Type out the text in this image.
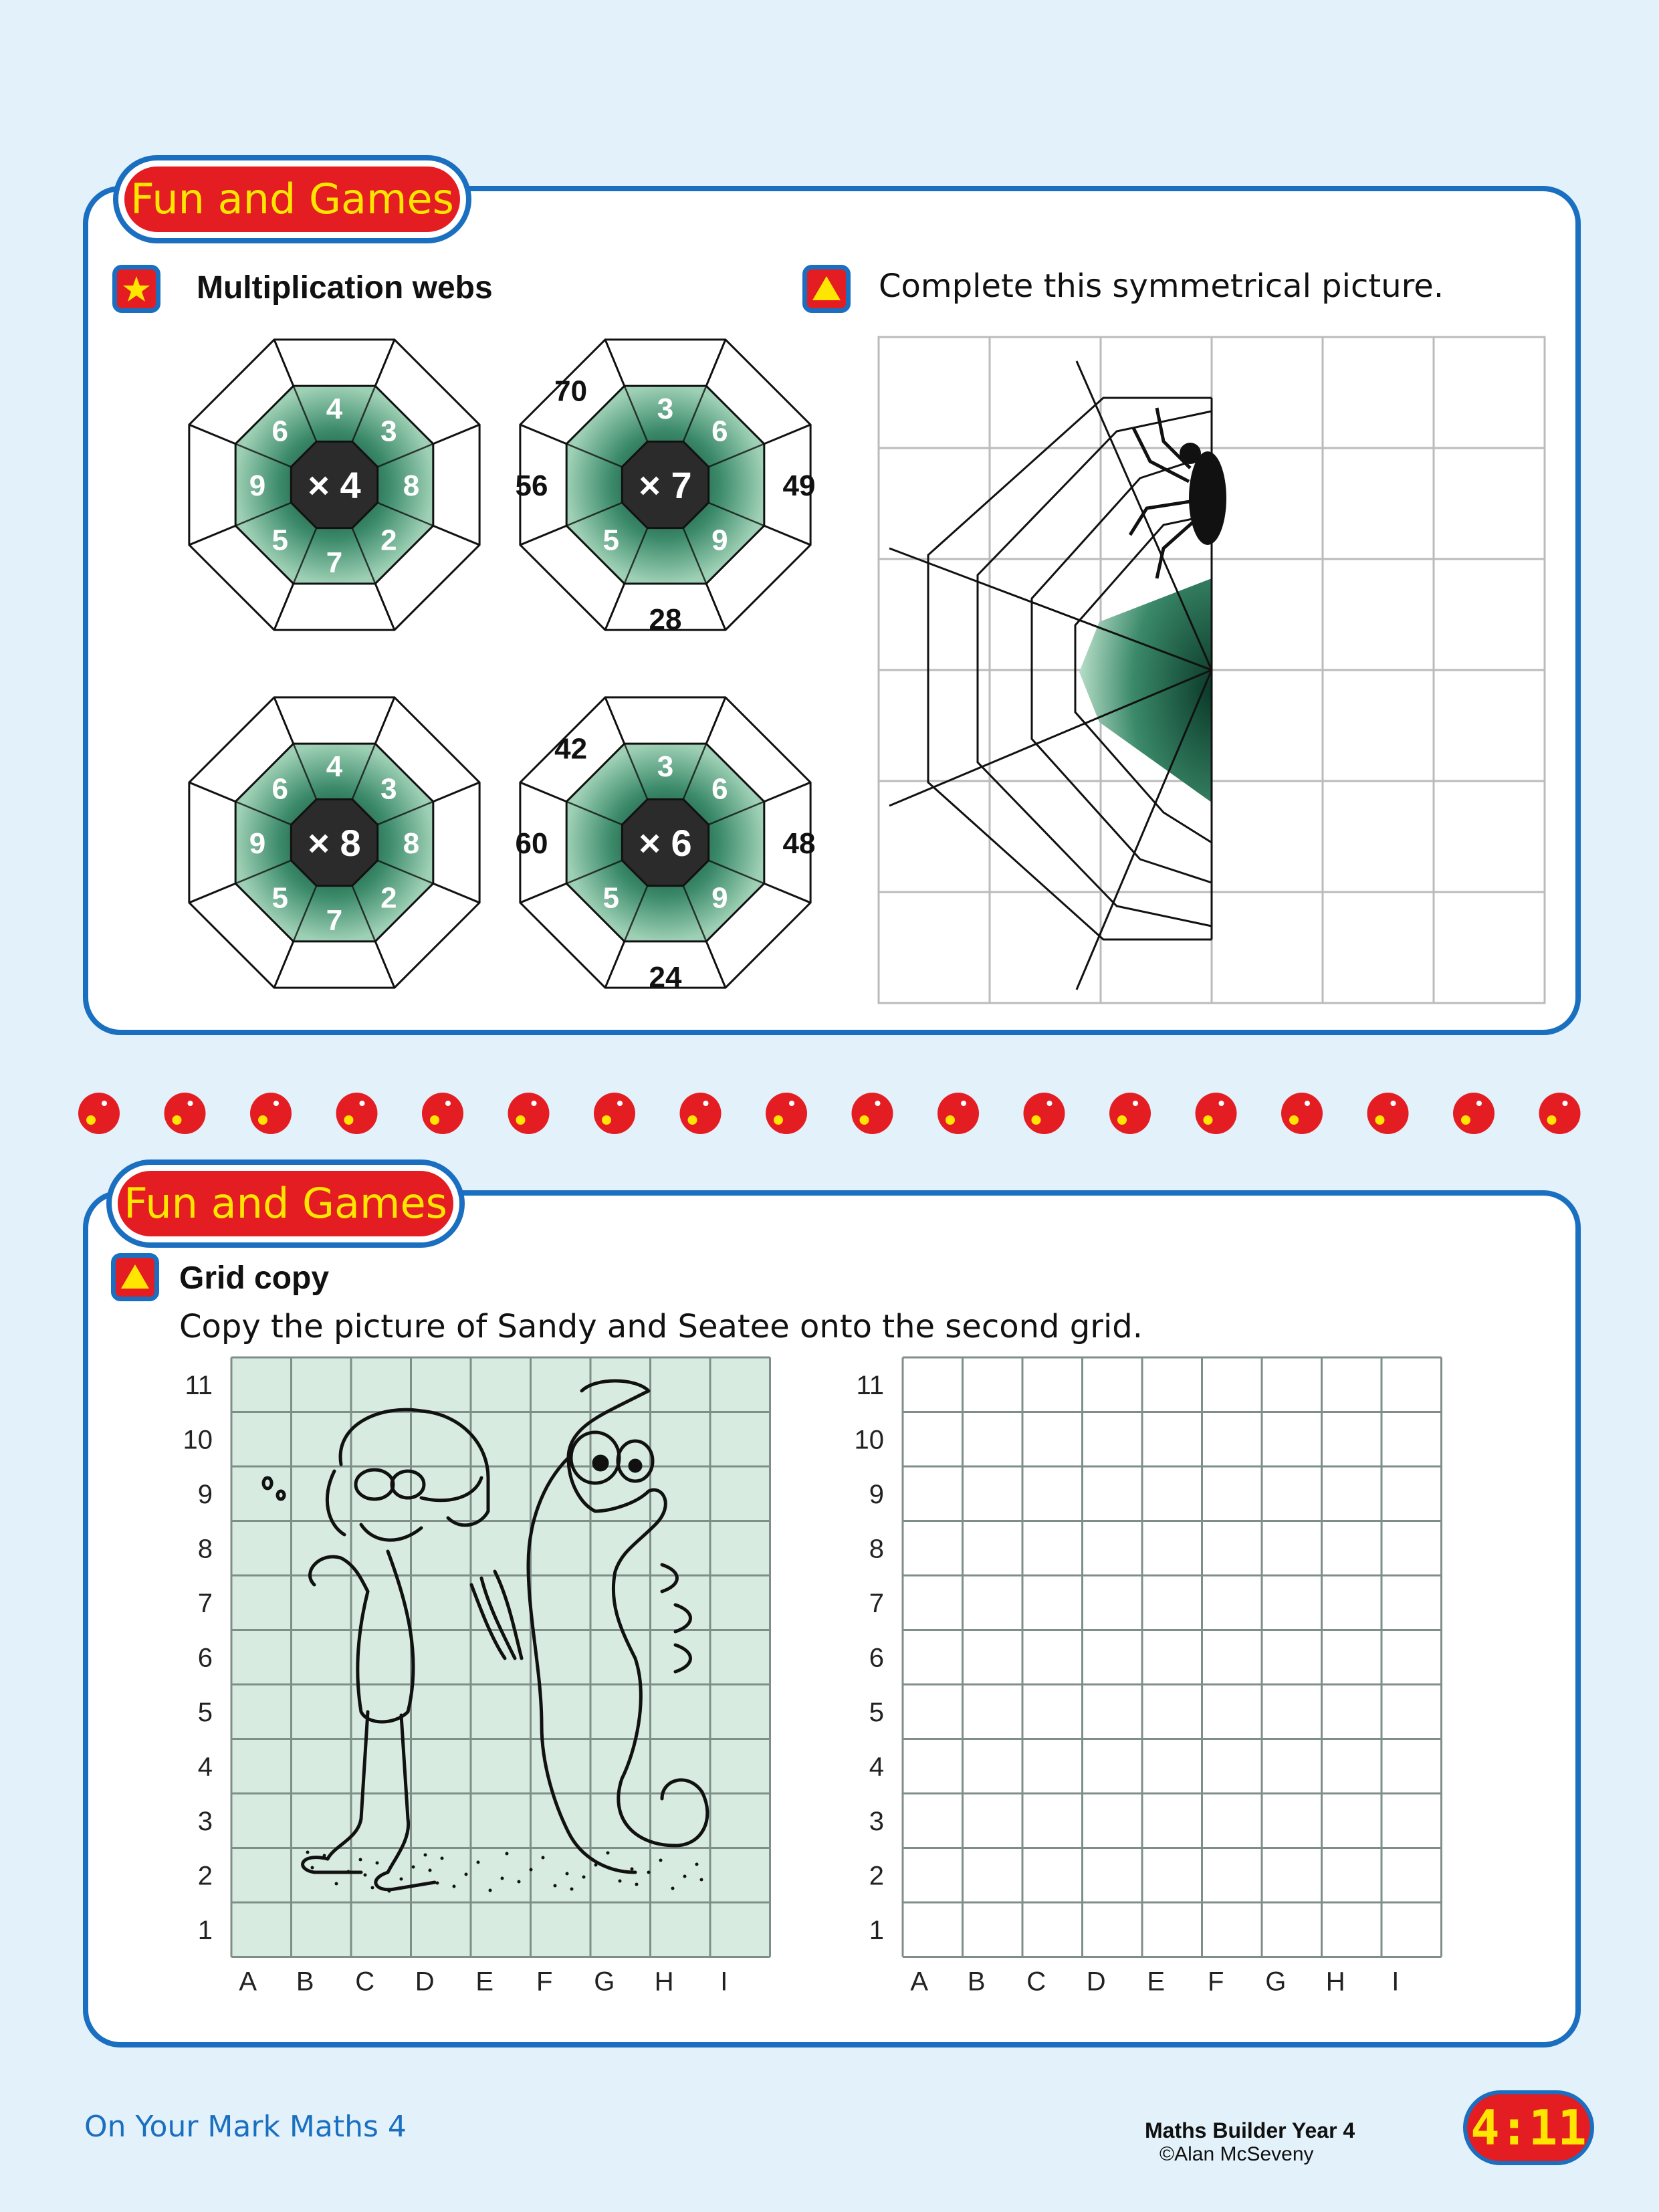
Fun and Games
Multiplication webs	Complete this symmetrical picture.
× 4
4
3
8
2
7
5
9
6
× 7
3
6
49
9
28
5
56
70
× 8
4
3
8
2
7
5
9
6
× 6
3
6
48
9
24
5
60
42
Fun and Games
Grid copy
Copy the picture of Sandy and Seatee onto the second grid.
11
10
9
8
7
6
5
4
3
2
1
A B C D E F G H I
11
10
9
8
7
6
5
4
3
2
1
A B C D E F G H I
On Your Mark Maths 4	Maths Builder Year 4
©Alan McSeveny	4:11
